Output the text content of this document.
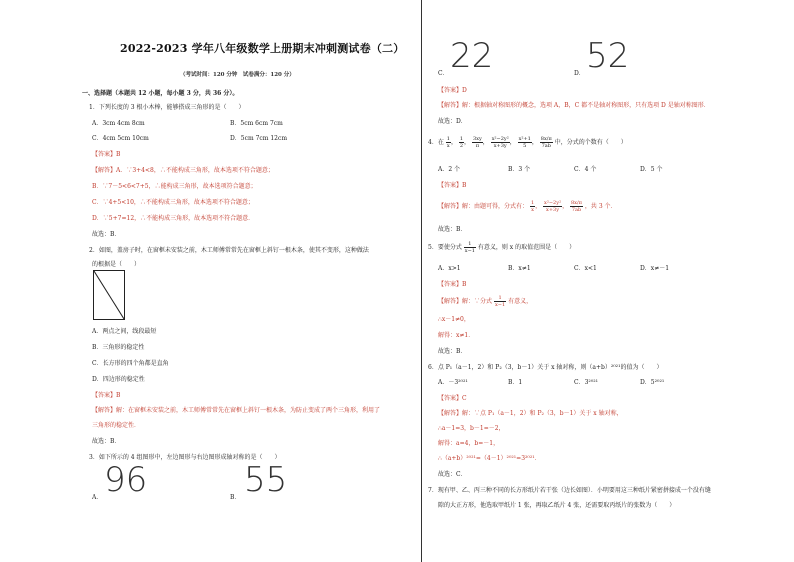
2022-2023 学年八年级数学上册期末冲刺测试卷（二）
（考试时间：120 分钟　试卷满分：120 分）
一、选择题（本题共 12 小题，每小题 3 分，共 36 分）。
1．下列长度的 3 根小木棒，能够搭成三角形的是（　　）
A．3cm 4cm 8cm	B．5cm 6cm 7cm
C．4cm 5cm 10cm	D．5cm 7cm 12cm
【答案】B
【解答】A．∵3+4<8，∴不能构成三角形，故本选项不符合题意；
B．∵7－5<6<7+5，∴能构成三角形，故本选项符合题意；
C．∵4+5<10，∴不能构成三角形，故本选项不符合题意；
D．∵5+7=12，∴不能构成三角形，故本选项不符合题意．
故选：B．
2．如图，盖房子时，在窗框未安装之前，木工师傅常常先在窗框上斜钉一根木条，使其不变形，这种做法
的根据是（　　）
A．两点之间，线段最短
B．三角形的稳定性
C．长方形的四个角都是直角
D．四边形的稳定性
【答案】B
【解答】解：在窗框未安装之前，木工师傅常常先在窗框上斜钉一根木条，为防止变成了两个三角形，利用了
三角形的稳定性．
故选：B．
3．如下所示的 4 组图形中，左边图形与右边图形成轴对称的是（　　）
A． 96	B． 55
C． 22	D． 52
【答案】D
【解答】解：根据轴对称图形的概念，选项 A，B，C 都不是轴对称图形，只有选项 D 是轴对称图形．
故选：D．
4．在 $\frac{1}{x}$ ， $\frac{1}{2}$ ， $\frac{3xy}{\pi}$ ， $\frac{\text{x²−2y²}}{x+3y}$ ， $\frac{\text{x²+1}}{5}$ ， $\frac{8x/\pi}{7ab}$ 中，分式的个数有（　　）
A．2 个	B．3 个	C．4 个	D．5 个
【答案】B
【解答】解：由题可得，分式有： $\frac{1}{x}$ ， $\frac{\text{x²−2y²}}{x+3y}$ ， $\frac{8x/\pi}{7ab}$ ，共 3 个．
故选：B．
5．要使分式 $\frac{1}{x-1}$ 有意义，则 x 的取值范围是（　　）
A．x>1	B．x≠1	C．x<1	D．x≠－1
【答案】B
【解答】解：∵分式 $\frac{1}{x-1}$ 有意义，
∴x－1≠0，
解得：x≠1．
故选：B．
6．点 P₁（a－1，2）和 P₂（3，b－1）关于 x 轴对称，则（a+b）²⁰²¹的值为（　　）
A．－3²⁰²¹	B．1	C．3²⁰²¹	D．5²⁰²¹
【答案】C
【解答】解：∵点 P₁（a－1，2）和 P₂（3，b－1）关于 x 轴对称，
∴a－1=3，b－1=－2，
解得：a=4，b=－1，
∴（a+b）²⁰²¹=（4－1）²⁰²¹=3²⁰²¹．
故选：C．
7．现有甲、乙、丙三种不同的长方形纸片若干张（边长如图）．小明要用这三种纸片紧密拼接成一个没有缝
隙的大正方形，他选取甲纸片 1 张，再取乙纸片 4 张，还需要取丙纸片的张数为（　　）
